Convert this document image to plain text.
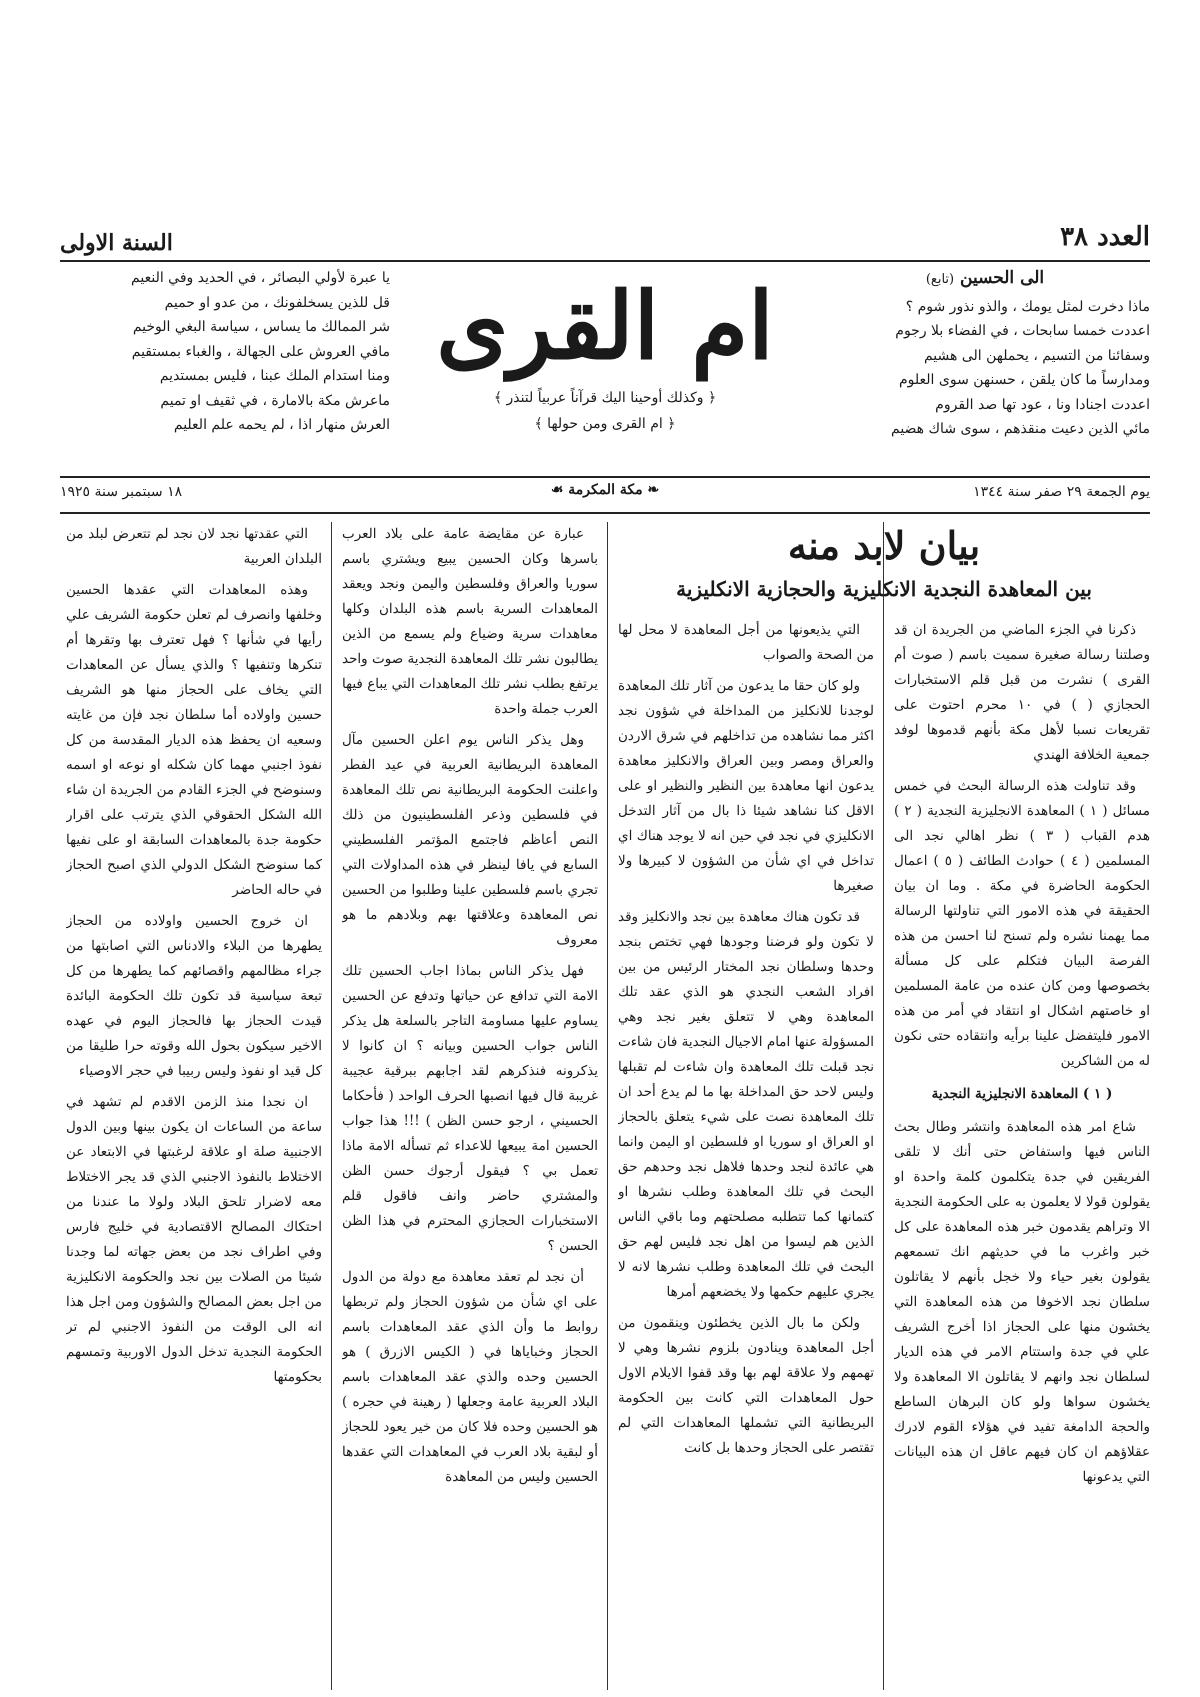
العدد ٣٨
السنة الاولى
الى الحسين (تابع)
ماذا دخرت لمثل يومك ، والذو نذور شوم ؟
اعددت خمسا سابحات ، في الفضاء بلا رجوم
وسفائنا من التسيم ، يحملهن الى هشيم
ومدارساً ما كان يلقن ، حسنهن سوى العلوم
اعددت اجنادا ونا ، عود تها صد القروم
مائي الذين دعيت منقذهم ، سوى شاك هضيم
ام القرى
﴿ وكذلك أوحينا اليك قرآناً عربياً لتنذر ﴾
﴿ ام القرى ومن حولها ﴾
يا عبرة لأولي البصائر ، في الحديد وفي النعيم
قل للذين يسخلفونك ، من عدو او حميم
شر الممالك ما يساس ، سياسة البغي الوخيم
مافي العروش على الجهالة ، والغباء بمستقيم
ومنا استدام الملك عبنا ، فليس بمستديم
ماعرش مكة بالامارة ، في ثقيف او تميم
العرش منهار اذا ، لم يحمه علم العليم
يوم الجمعة ٢٩ صفر سنة ١٣٤٤
❧ مكة المكرمة ☙
١٨ سبتمبر سنة ١٩٢٥
بيان لابد منه
بين المعاهدة النجدية الانكليزية والحجازية الانكليزية

ذكرنا في الجزء الماضي من الجريدة ان قد وصلتنا رسالة صغيرة سميت باسم ( صوت أم القرى ) نشرت من قبل قلم الاستخبارات الحجازي ( ) في ١٠ محرم احتوت على تقريعات نسبا لأهل مكة بأنهم قدموها لوفد جمعية الخلافة الهندي

وقد تناولت هذه الرسالة البحث في خمس مسائل ( ١ ) المعاهدة الانجليزية النجدية ( ٢ ) هدم القباب ( ٣ ) نظر اهالي نجد الى المسلمين ( ٤ ) حوادث الطائف ( ٥ ) اعمال الحكومة الحاضرة في مكة . وما ان بيان الحقيقة في هذه الامور التي تناولتها الرسالة مما يهمنا نشره ولم تسنح لنا احسن من هذه الفرصة البيان فتكلم على كل مسألة بخصوصها ومن كان عنده من عامة المسلمين او خاصتهم اشكال او انتقاد في أمر من هذه الامور فليتفضل علينا برأيه وانتقاده حتى نكون له من الشاكرين

( ١ ) المعاهدة الانجليزية النجدية

شاع امر هذه المعاهدة وانتشر وطال بحث الناس فيها واستفاض حتى أنك لا تلقى الفريقين في جدة يتكلمون كلمة واحدة او يقولون قولا لا يعلمون به على الحكومة النجدية الا وتراهم يقدمون خبر هذه المعاهدة على كل خبر واغرب ما في حديثهم انك تسمعهم يقولون بغير حياء ولا خجل بأنهم لا يقاتلون سلطان نجد الاخوفا من هذه المعاهدة التي يخشون منها على الحجاز اذا أخرج الشريف علي في جدة واستتام الامر في هذه الديار لسلطان نجد وانهم لا يقاتلون الا المعاهدة ولا يخشون سواها ولو كان البرهان الساطع والحجة الدامغة تفيد في هؤلاء القوم لادرك عقلاؤهم ان كان فيهم عاقل ان هذه البيانات التي يدعونها

التي يذيعونها من أجل المعاهدة لا محل لها من الصحة والصواب

ولو كان حقا ما يدعون من آثار تلك المعاهدة لوجدنا للانكليز من المداخلة في شؤون نجد اكثر مما نشاهده من تداخلهم في شرق الاردن والعراق ومصر وبين العراق والانكليز معاهدة يدعون انها معاهدة بين النظير والنظير او على الاقل كنا نشاهد شيئا ذا بال من آثار التدخل الانكليزي في نجد في حين انه لا يوجد هناك اي تداخل في اي شأن من الشؤون لا كبيرها ولا صغيرها

قد تكون هناك معاهدة بين نجد والانكليز وقد لا تكون ولو فرضنا وجودها فهي تختص بنجد وحدها وسلطان نجد المختار الرئيس من بين افراد الشعب النجدي هو الذي عقد تلك المعاهدة وهي لا تتعلق بغير نجد وهي المسؤولة عنها امام الاجيال النجدية فان شاءت نجد قبلت تلك المعاهدة وان شاءت لم تقبلها وليس لاحد حق المداخلة بها ما لم يدع أحد ان تلك المعاهدة نصت على شيء يتعلق بالحجاز او العراق او سوريا او فلسطين او اليمن وانما هي عائدة لنجد وحدها فلاهل نجد وحدهم حق البحث في تلك المعاهدة وطلب نشرها او كتمانها كما تتطلبه مصلحتهم وما باقي الناس الذين هم ليسوا من اهل نجد فليس لهم حق البحث في تلك المعاهدة وطلب نشرها لانه لا يجري عليهم حكمها ولا يخضعهم أمرها

ولكن ما بال الذين يخطئون وينقمون من أجل المعاهدة وينادون بلزوم نشرها وهي لا تهمهم ولا علاقة لهم بها وقد قفوا الايلام الاول حول المعاهدات التي كانت بين الحكومة البريطانية التي تشملها المعاهدات التي لم تقتصر على الحجاز وحدها بل كانت

عبارة عن مقايضة عامة على بلاد العرب باسرها وكان الحسين يبيع ويشتري باسم سوريا والعراق وفلسطين واليمن ونجد ويعقد المعاهدات السرية باسم هذه البلدان وكلها معاهدات سرية وضياع ولم يسمع من الذين يطالبون نشر تلك المعاهدة النجدية صوت واحد يرتفع بطلب نشر تلك المعاهدات التي يباع فيها العرب جملة واحدة

وهل يذكر الناس يوم اعلن الحسين مآل المعاهدة البريطانية العربية في عيد الفطر واعلنت الحكومة البريطانية نص تلك المعاهدة في فلسطين وذعر الفلسطينيون من ذلك النص أعاظم فاجتمع المؤتمر الفلسطيني السابع في يافا لينظر في هذه المداولات التي تجري باسم فلسطين علينا وطلبوا من الحسين نص المعاهدة وعلاقتها بهم وبلادهم ما هو معروف

فهل يذكر الناس بماذا اجاب الحسين تلك الامة التي تدافع عن حياتها وتدفع عن الحسين يساوم عليها مساومة التاجر بالسلعة هل يذكر الناس جواب الحسين وبيانه ؟ ان كانوا لا يذكرونه فنذكرهم لقد اجابهم ببرقية عجيبة غريبة قال فيها انصبها الحرف الواحد ( فأحكاما الحسيني ، ارجو حسن الظن ) !!! هذا جواب الحسين امة يبيعها للاعداء ثم تسأله الامة ماذا تعمل بي ؟ فيقول أرجوك حسن الظن والمشتري حاضر وانف فاقول قلم الاستخبارات الحجازي المحترم في هذا الظن الحسن ؟

أن نجد لم تعقد معاهدة مع دولة من الدول على اي شأن من شؤون الحجاز ولم تربطها روابط ما وأن الذي عقد المعاهدات باسم الحجاز وخباياها في ( الكيس الازرق ) هو الحسين وحده والذي عقد المعاهدات باسم البلاد العربية عامة وجعلها ( رهينة في حجره ) هو الحسين وحده فلا كان من خير يعود للحجاز أو لبقية بلاد العرب في المعاهدات التي عقدها الحسين وليس من المعاهدة

التي عقدتها نجد لان نجد لم تتعرض لبلد من البلدان العربية

وهذه المعاهدات التي عقدها الحسين وخلفها وانصرف لم تعلن حكومة الشريف علي رأيها في شأنها ؟ فهل تعترف بها وتقرها أم تنكرها وتنفيها ؟ والذي يسأل عن المعاهدات التي يخاف على الحجاز منها هو الشريف حسين واولاده أما سلطان نجد فإن من غايته وسعيه ان يحفظ هذه الديار المقدسة من كل نفوذ اجنبي مهما كان شكله او نوعه او اسمه وسنوضح في الجزء القادم من الجريدة ان شاء الله الشكل الحقوقي الذي يترتب على اقرار حكومة جدة بالمعاهدات السابقة او على نفيها كما سنوضح الشكل الدولي الذي اصبح الحجاز في حاله الحاضر

ان خروج الحسين واولاده من الحجاز يطهرها من البلاء والادناس التي اصابتها من جراء مظالمهم واقصائهم كما يطهرها من كل تبعة سياسية قد تكون تلك الحكومة البائدة قيدت الحجاز بها فالحجاز اليوم في عهده الاخير سيكون بحول الله وقوته حرا طليقا من كل قيد او نفوذ وليس ربيبا في حجر الاوصياء

ان نجدا منذ الزمن الاقدم لم تشهد في ساعة من الساعات ان يكون بينها وبين الدول الاجنبية صلة او علاقة لرغبتها في الابتعاد عن الاختلاط بالنفوذ الاجنبي الذي قد يجر الاختلاط معه لاضرار تلحق البلاد ولولا ما عندنا من احتكاك المصالح الاقتصادية في خليج فارس وفي اطراف نجد من بعض جهاته لما وجدنا شيئا من الصلات بين نجد والحكومة الانكليزية من اجل بعض المصالح والشؤون ومن اجل هذا انه الى الوقت من النفوذ الاجنبي لم تر الحكومة النجدية تدخل الدول الاوربية وتمسهم بحكومتها
